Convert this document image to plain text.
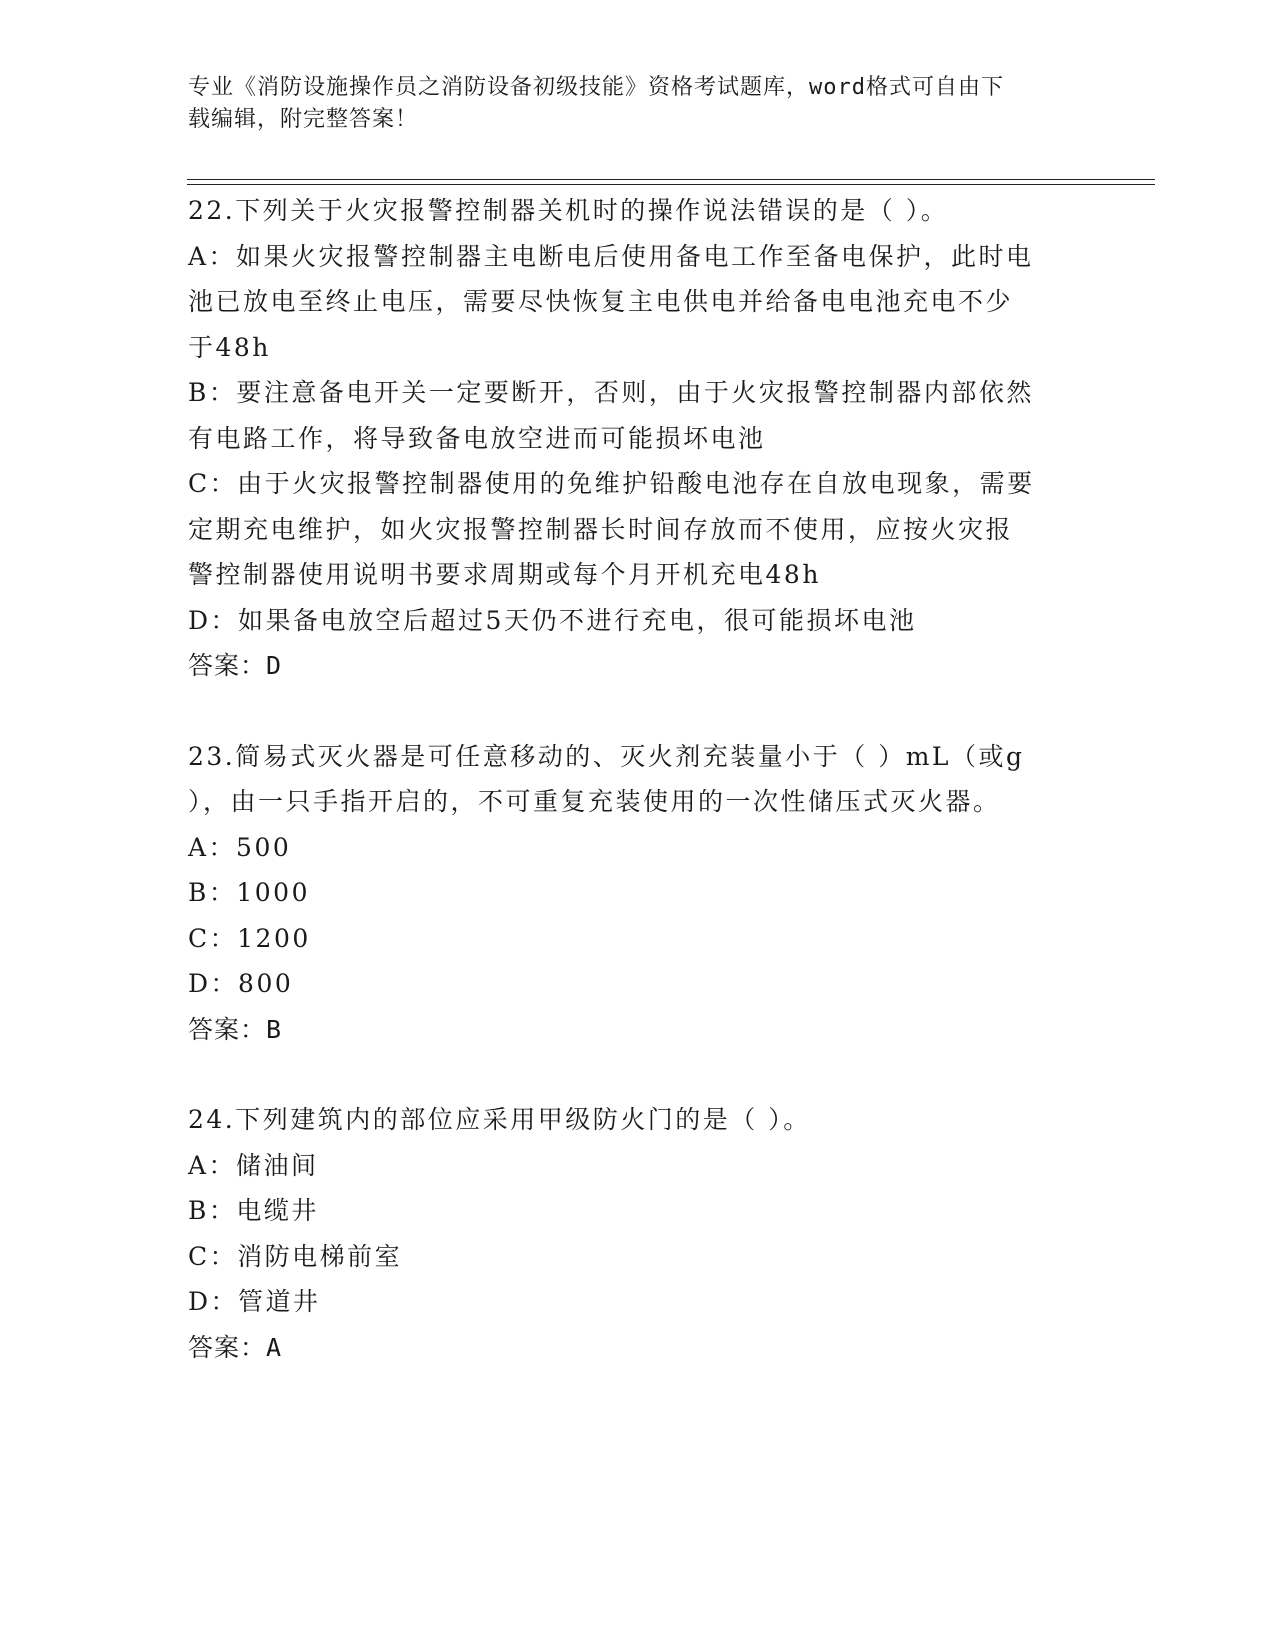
专业《消防设施操作员之消防设备初级技能》资格考试题库，word格式可自由下
载编辑，附完整答案！

22.下列关于火灾报警控制器关机时的操作说法错误的是（ ）。

A：如果火灾报警控制器主电断电后使用备电工作至备电保护，此时电

池已放电至终止电压，需要尽快恢复主电供电并给备电电池充电不少

于48h

B：要注意备电开关一定要断开，否则，由于火灾报警控制器内部依然

有电路工作，将导致备电放空进而可能损坏电池

C：由于火灾报警控制器使用的免维护铅酸电池存在自放电现象，需要

定期充电维护，如火灾报警控制器长时间存放而不使用，应按火灾报

警控制器使用说明书要求周期或每个月开机充电48h

D：如果备电放空后超过5天仍不进行充电，很可能损坏电池

答案：D

23.简易式灭火器是可任意移动的、灭火剂充装量小于（ ）mL（或g

），由一只手指开启的，不可重复充装使用的一次性储压式灭火器。

A：500

B：1000

C：1200

D：800

答案：B

24.下列建筑内的部位应采用甲级防火门的是（ ）。

A：储油间

B：电缆井

C：消防电梯前室

D：管道井

答案：A
